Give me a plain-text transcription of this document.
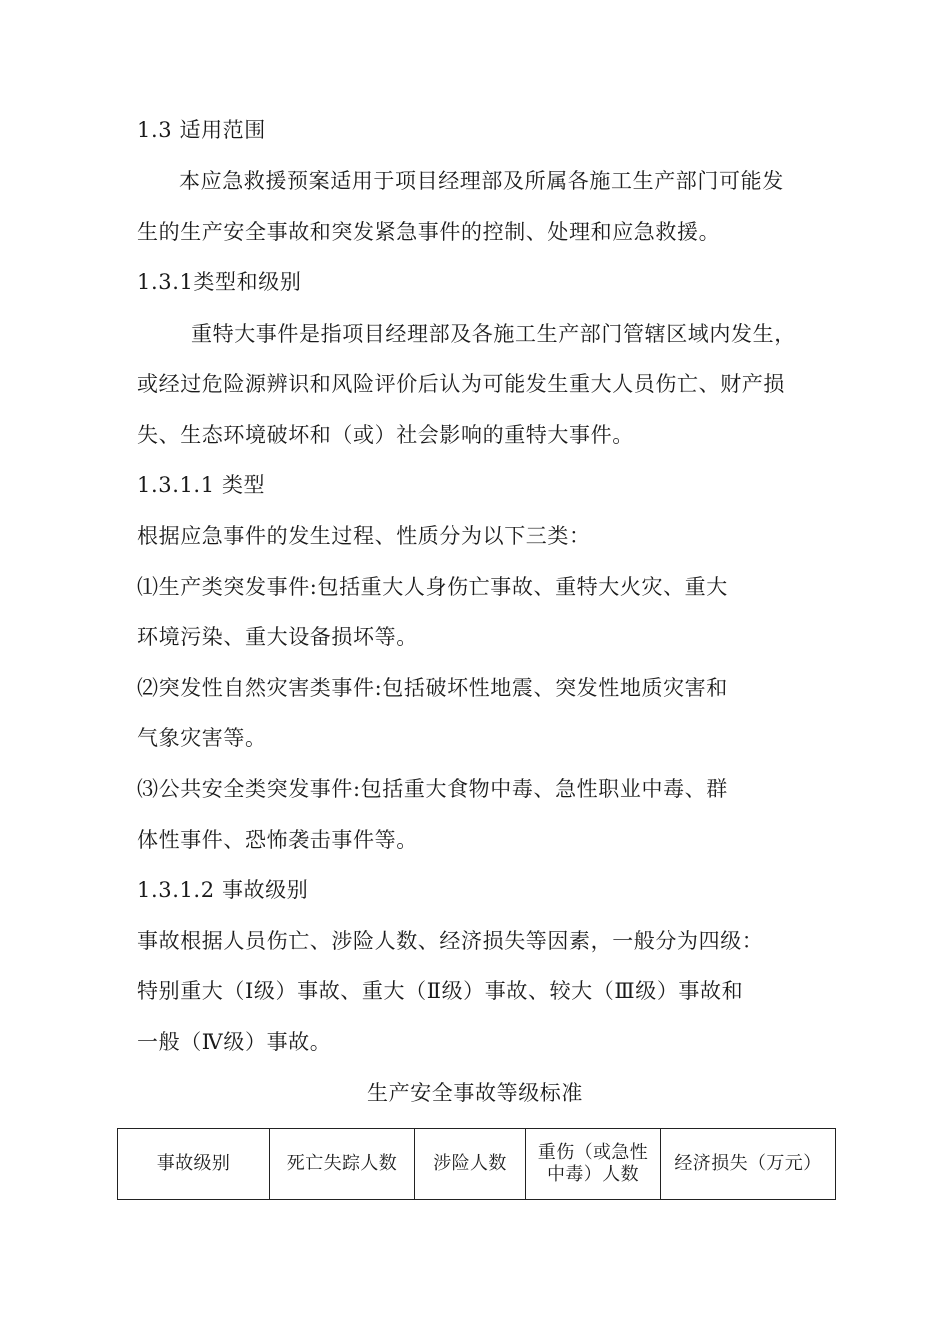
1.3 适用范围
本应急救援预案适用于项目经理部及所属各施工生产部门可能发
生的生产安全事故和突发紧急事件的控制、处理和应急救援。
1.3.1类型和级别
重特大事件是指项目经理部及各施工生产部门管辖区域内发生，
或经过危险源辨识和风险评价后认为可能发生重大人员伤亡、财产损
失、生态环境破坏和（或）社会影响的重特大事件。
1.3.1.1 类型
根据应急事件的发生过程、性质分为以下三类：
⑴生产类突发事件:包括重大人身伤亡事故、重特大火灾、重大
环境污染、重大设备损坏等。
⑵突发性自然灾害类事件:包括破坏性地震、突发性地质灾害和
气象灾害等。
⑶公共安全类突发事件:包括重大食物中毒、急性职业中毒、群
体性事件、恐怖袭击事件等。
1.3.1.2 事故级别
事故根据人员伤亡、涉险人数、经济损失等因素，一般分为四级：
特别重大（Ⅰ级）事故、重大（Ⅱ级）事故、较大（Ⅲ级）事故和
一般（Ⅳ级）事故。
生产安全事故等级标准
事故级别	死亡失踪人数	涉险人数	重伤（或急性中毒）人数	经济损失（万元）
